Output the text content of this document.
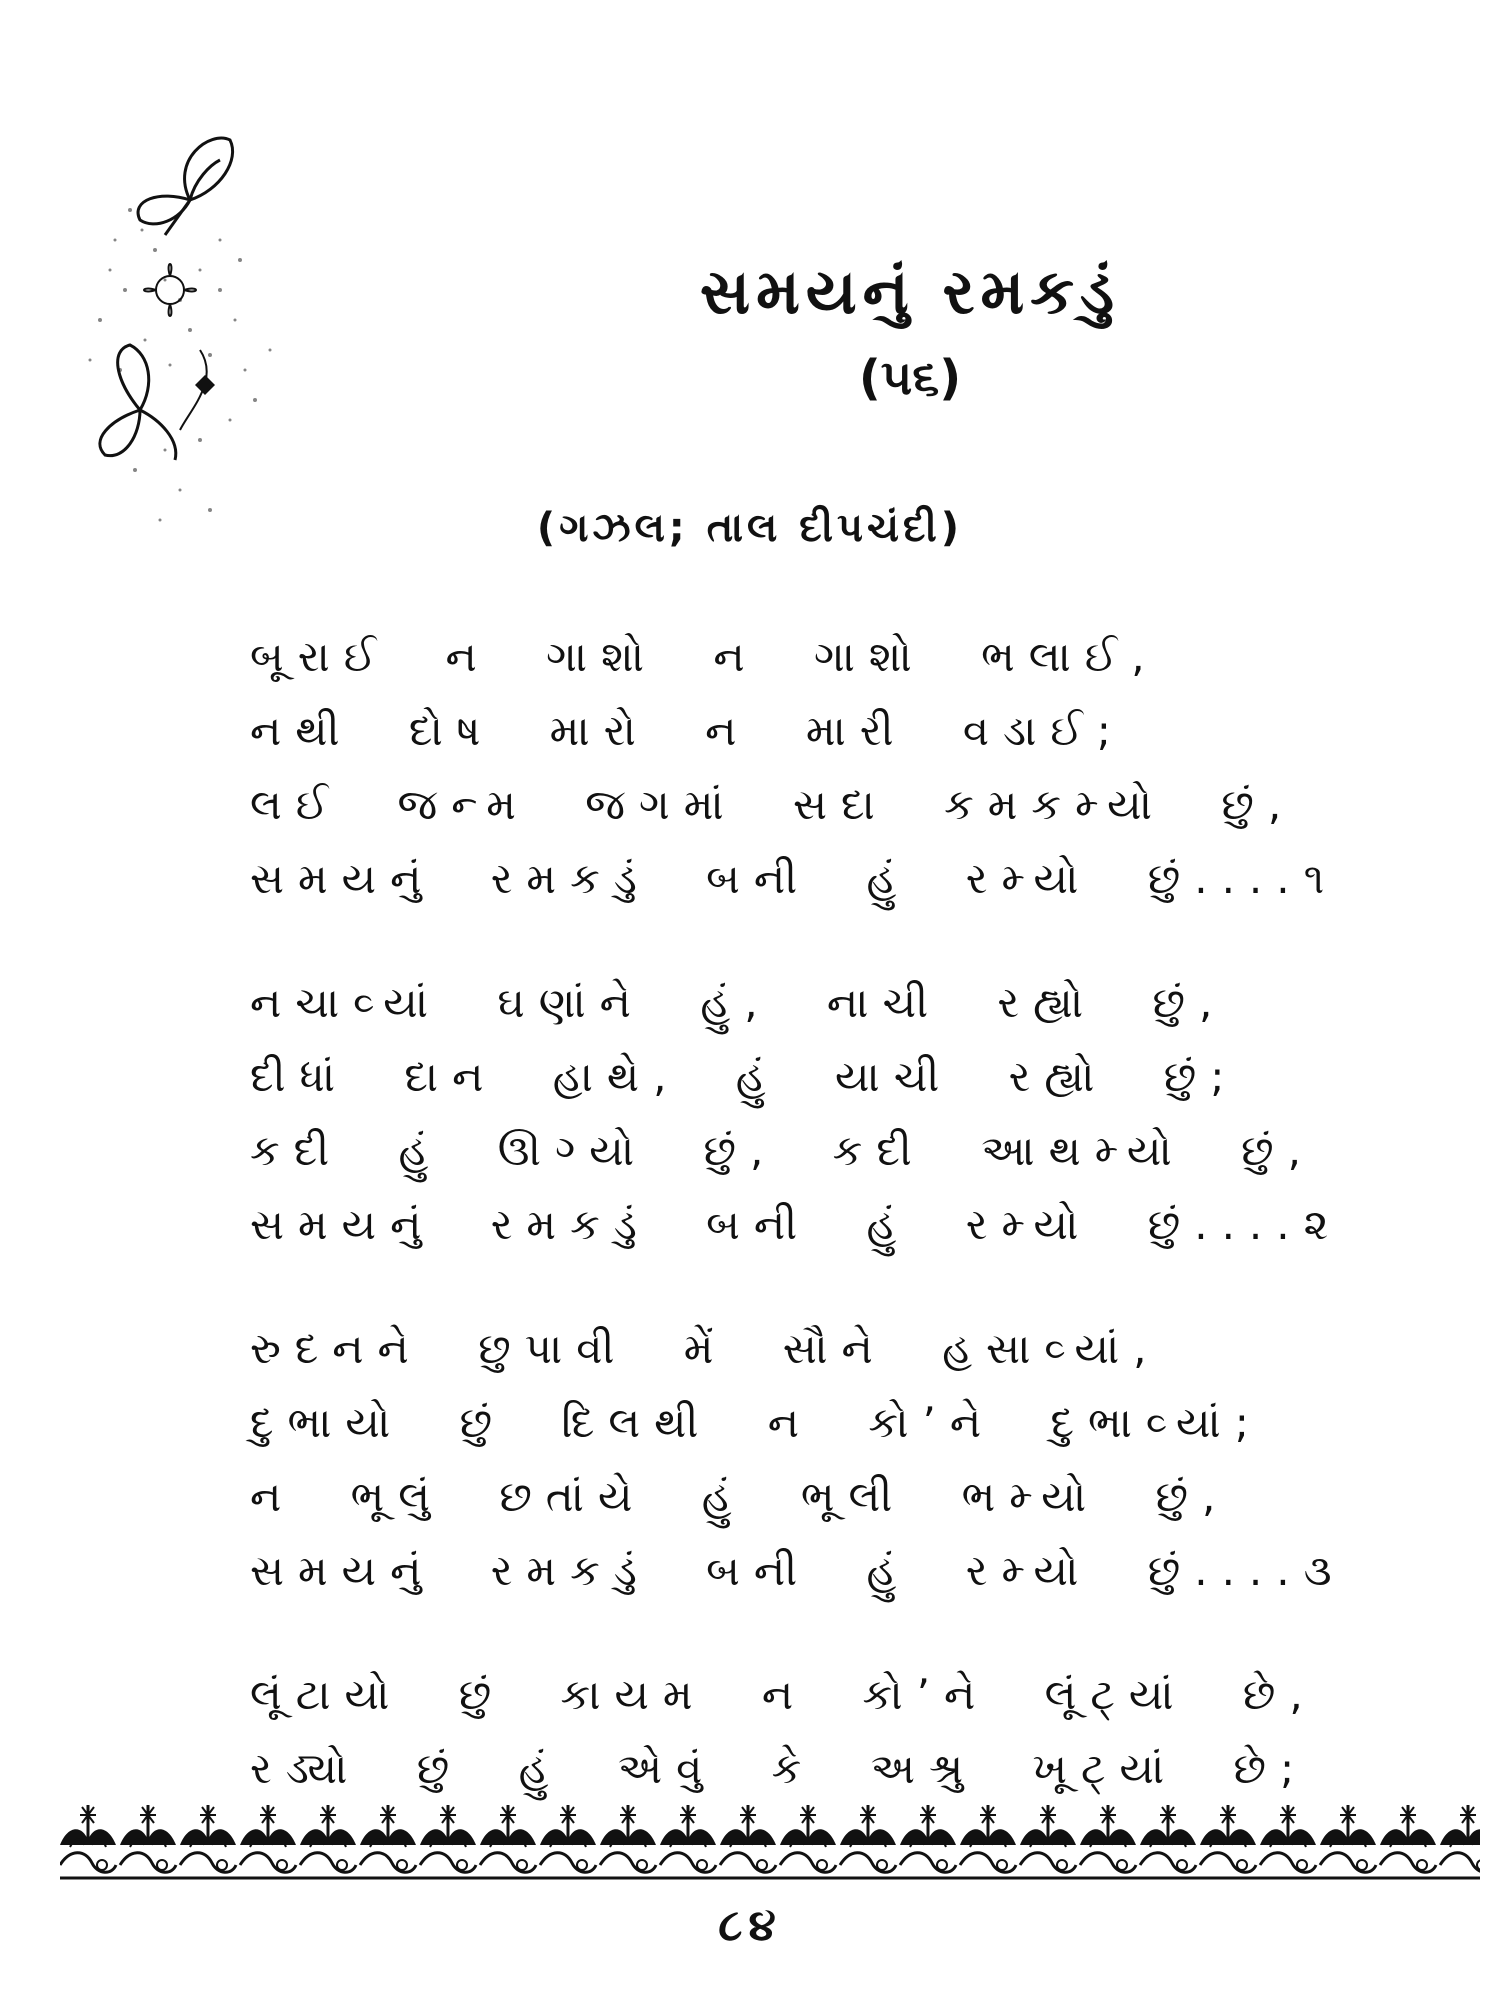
સમયનું રમકડું
(૫૬)
(ગઝલ; તાલ દીપચંદી)
બૂરાઈ ન ગાશો ન ગાશો ભલાઈ,
નથી દોષ મારો ન મારી વડાઈ;
લઈ જન્મ જગમાં સદા કમકમ્યો છું,
સમયનું રમકડું બની હું રમ્યો છું....૧
નચાવ્યાં ઘણાંને હું, નાચી રહ્યો છું,
દીધાં દાન હાથે, હું યાચી રહ્યો છું;
કદી હું ઊગ્યો છું, કદી આથમ્યો છું,
સમયનું રમકડું બની હું રમ્યો છું....૨
રુદનને છુપાવી મેં સૌને હસાવ્યાં,
દુભાયો છું દિલથી ન કો’ને દુભાવ્યાં;
ન ભૂલું છતાંયે હું ભૂલી ભમ્યો છું,
સમયનું રમકડું બની હું રમ્યો છું....૩
લૂંટાયો છું કાયમ ન કો’ને લૂંટ્યાં છે,
રડ્યો છું હું એવું કે અશ્રુ ખૂટ્યાં છે;
૮૪
